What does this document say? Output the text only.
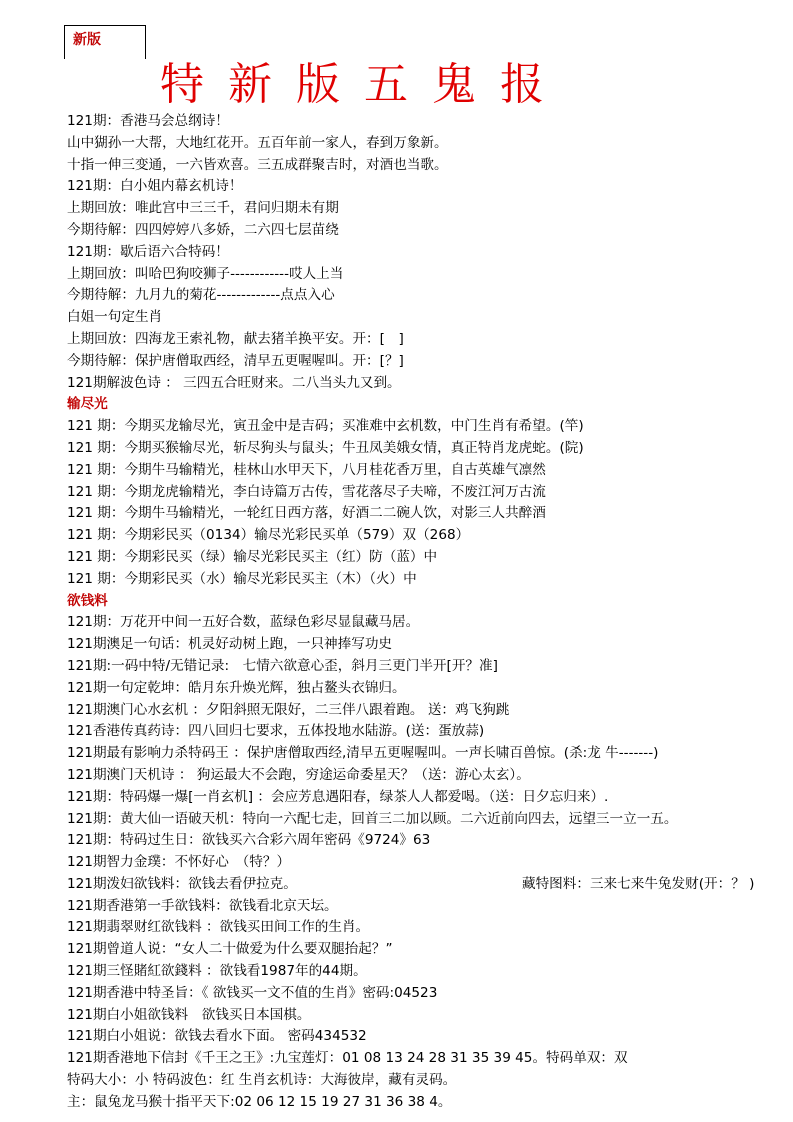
新版
特新版五鬼报
121期：香港马会总纲诗！
山中猢孙一大帮，大地红花开。五百年前一家人，春到万象新。
十指一伸三变通，一六皆欢喜。三五成群聚吉时，对酒也当歌。
121期：白小姐内幕玄机诗！
上期回放：唯此宫中三三千，君问归期未有期
今期待解：四四婷婷八多娇，二六四七层苗绕
121期：歇后语六合特码！
上期回放：叫哈巴狗咬狮子------------哎人上当
今期待解：九月九的菊花-------------点点入心
白姐一句定生肖
上期回放：四海龙王索礼物，献去猪羊换平安。开：[　]
今期待解：保护唐僧取西经，清早五更喔喔叫。开：[？]
121期解波色诗 ： 三四五合旺财来。二八当头九又到。
输尽光
121 期：今期买龙输尽光，寅丑金中是吉码；买准难中玄机数，中门生肖有希望。(竿)
121 期：今期买猴输尽光，斩尽狗头与鼠头；牛丑凤美娥女情，真正特肖龙虎蛇。(院)
121 期：今期牛马输精光，桂林山水甲天下，八月桂花香万里，自古英雄气凛然
121 期：今期龙虎输精光，李白诗篇万古传，雪花落尽子夫啼，不废江河万古流
121 期：今期牛马输精光，一轮红日西方落，好酒二二碗人饮，对影三人共醉酒
121 期：今期彩民买（0134）输尽光彩民买单（579）双（268）
121 期：今期彩民买（绿）输尽光彩民买主（红）防（蓝）中
121 期：今期彩民买（水）输尽光彩民买主（木）（火）中
欲钱料
121期：万花开中间一五好合数，蓝绿色彩尽显鼠藏马居。
121期澳足一句话：机灵好动树上跑，一只神捧写功史
121期:一码中特/无错记录:　七情六欲意心歪，斜月三更门半开[开？准]
121期一句定乾坤：皓月东升焕光辉，独占鳌头衣锦归。
121期澳门心水玄机 ：夕阳斜照无限好，二三伴八跟着跑。 送：鸡飞狗跳
121香港传真药诗：四八回归七要求，五体投地水陆游。(送：蛋放蒜)
121期最有影响力杀特码王 ：保护唐僧取西经,清早五更喔喔叫。一声长啸百兽惊。(杀:龙 牛-------)
121期澳门天机诗 ： 狗运最大不会跑，穷途运命委星天？（送：游心太玄）。
121期：特码爆一爆[一肖玄机] ：会应芳息遇阳春，绿茶人人都爱喝。（送：日夕忘归来）.
121期：黄大仙一语破天机：特向一六配七走，回首三二加以顾。二六近前向四去，远望三一立一五。
121期：特码过生日：欲钱买六合彩六周年密码《9724》63
121期智力金璞：不怀好心　（特？）
121期泼妇欲钱料：欲钱去看伊拉克。	藏特图料：三来七来牛兔发财(开：？ )
121期香港第一手欲钱料：欲钱看北京天坛。
121期翡翠财红欲钱料 ：欲钱买田间工作的生肖。
121期曾道人说：“女人二十做爱为什么要双腿抬起？”
121期三怪賭紅欲錢料 ：欲钱看1987年的44期。
121期香港中特圣旨：《 欲钱买一文不值的生肖》密码:04523
121期白小姐欲钱料　欲钱买日本国棋。
121期白小姐说：欲钱去看水下面。 密码434532
121期香港地下信封《千王之王》:九宝莲灯：01 08 13 24 28 31 35 39 45。特码单双：双
特码大小：小 特码波色：红 生肖玄机诗：大海彼岸，藏有灵码。
主：鼠兔龙马猴十指平天下:02 06 12 15 19 27 31 36 38 4。
